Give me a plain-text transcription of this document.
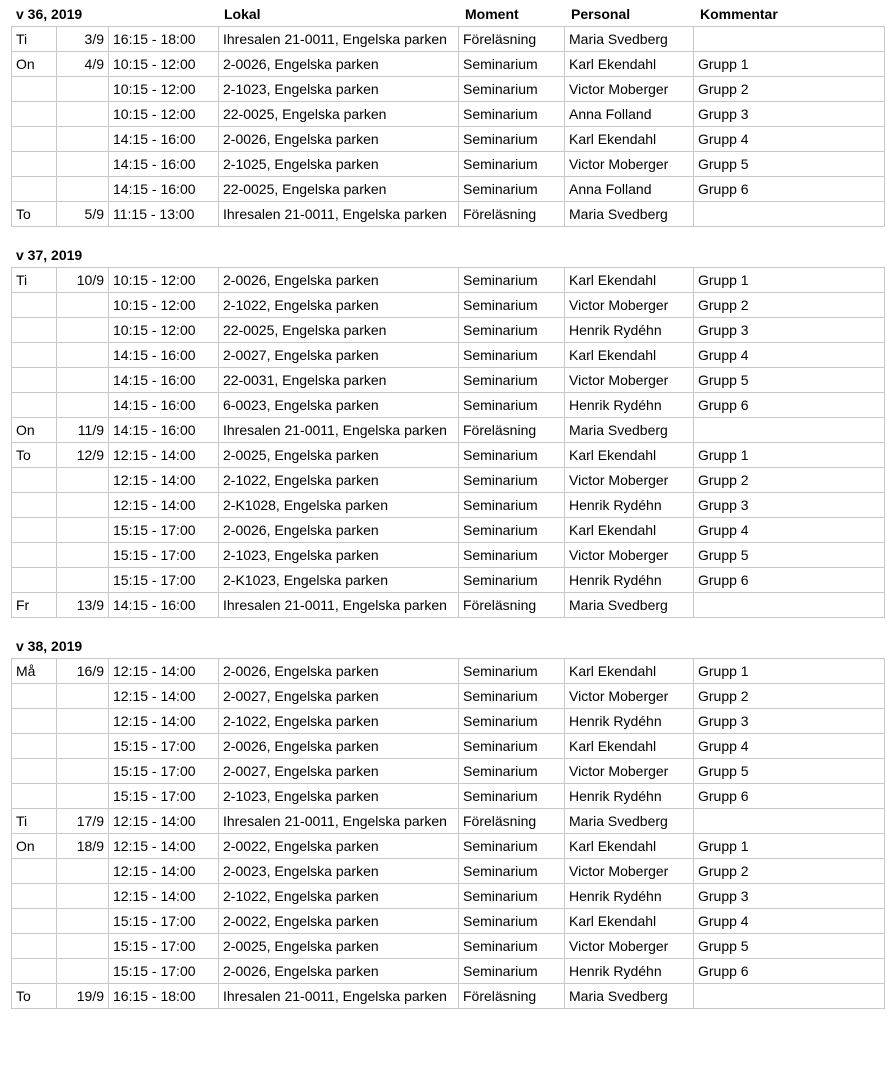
v 36, 2019	Lokal	Moment	Personal	Kommentar
Ti	3/9	16:15 - 18:00	Ihresalen 21-0011, Engelska parken	Föreläsning	Maria Svedberg	
On	4/9	10:15 - 12:00	2-0026, Engelska parken	Seminarium	Karl Ekendahl	Grupp 1
		10:15 - 12:00	2-1023, Engelska parken	Seminarium	Victor Moberger	Grupp 2
		10:15 - 12:00	22-0025, Engelska parken	Seminarium	Anna Folland	Grupp 3
		14:15 - 16:00	2-0026, Engelska parken	Seminarium	Karl Ekendahl	Grupp 4
		14:15 - 16:00	2-1025, Engelska parken	Seminarium	Victor Moberger	Grupp 5
		14:15 - 16:00	22-0025, Engelska parken	Seminarium	Anna Folland	Grupp 6
To	5/9	11:15 - 13:00	Ihresalen 21-0011, Engelska parken	Föreläsning	Maria Svedberg	
v 37, 2019
Ti	10/9	10:15 - 12:00	2-0026, Engelska parken	Seminarium	Karl Ekendahl	Grupp 1
		10:15 - 12:00	2-1022, Engelska parken	Seminarium	Victor Moberger	Grupp 2
		10:15 - 12:00	22-0025, Engelska parken	Seminarium	Henrik Rydéhn	Grupp 3
		14:15 - 16:00	2-0027, Engelska parken	Seminarium	Karl Ekendahl	Grupp 4
		14:15 - 16:00	22-0031, Engelska parken	Seminarium	Victor Moberger	Grupp 5
		14:15 - 16:00	6-0023, Engelska parken	Seminarium	Henrik Rydéhn	Grupp 6
On	11/9	14:15 - 16:00	Ihresalen 21-0011, Engelska parken	Föreläsning	Maria Svedberg	
To	12/9	12:15 - 14:00	2-0025, Engelska parken	Seminarium	Karl Ekendahl	Grupp 1
		12:15 - 14:00	2-1022, Engelska parken	Seminarium	Victor Moberger	Grupp 2
		12:15 - 14:00	2-K1028, Engelska parken	Seminarium	Henrik Rydéhn	Grupp 3
		15:15 - 17:00	2-0026, Engelska parken	Seminarium	Karl Ekendahl	Grupp 4
		15:15 - 17:00	2-1023, Engelska parken	Seminarium	Victor Moberger	Grupp 5
		15:15 - 17:00	2-K1023, Engelska parken	Seminarium	Henrik Rydéhn	Grupp 6
Fr	13/9	14:15 - 16:00	Ihresalen 21-0011, Engelska parken	Föreläsning	Maria Svedberg	
v 38, 2019
Må	16/9	12:15 - 14:00	2-0026, Engelska parken	Seminarium	Karl Ekendahl	Grupp 1
		12:15 - 14:00	2-0027, Engelska parken	Seminarium	Victor Moberger	Grupp 2
		12:15 - 14:00	2-1022, Engelska parken	Seminarium	Henrik Rydéhn	Grupp 3
		15:15 - 17:00	2-0026, Engelska parken	Seminarium	Karl Ekendahl	Grupp 4
		15:15 - 17:00	2-0027, Engelska parken	Seminarium	Victor Moberger	Grupp 5
		15:15 - 17:00	2-1023, Engelska parken	Seminarium	Henrik Rydéhn	Grupp 6
Ti	17/9	12:15 - 14:00	Ihresalen 21-0011, Engelska parken	Föreläsning	Maria Svedberg	
On	18/9	12:15 - 14:00	2-0022, Engelska parken	Seminarium	Karl Ekendahl	Grupp 1
		12:15 - 14:00	2-0023, Engelska parken	Seminarium	Victor Moberger	Grupp 2
		12:15 - 14:00	2-1022, Engelska parken	Seminarium	Henrik Rydéhn	Grupp 3
		15:15 - 17:00	2-0022, Engelska parken	Seminarium	Karl Ekendahl	Grupp 4
		15:15 - 17:00	2-0025, Engelska parken	Seminarium	Victor Moberger	Grupp 5
		15:15 - 17:00	2-0026, Engelska parken	Seminarium	Henrik Rydéhn	Grupp 6
To	19/9	16:15 - 18:00	Ihresalen 21-0011, Engelska parken	Föreläsning	Maria Svedberg	
